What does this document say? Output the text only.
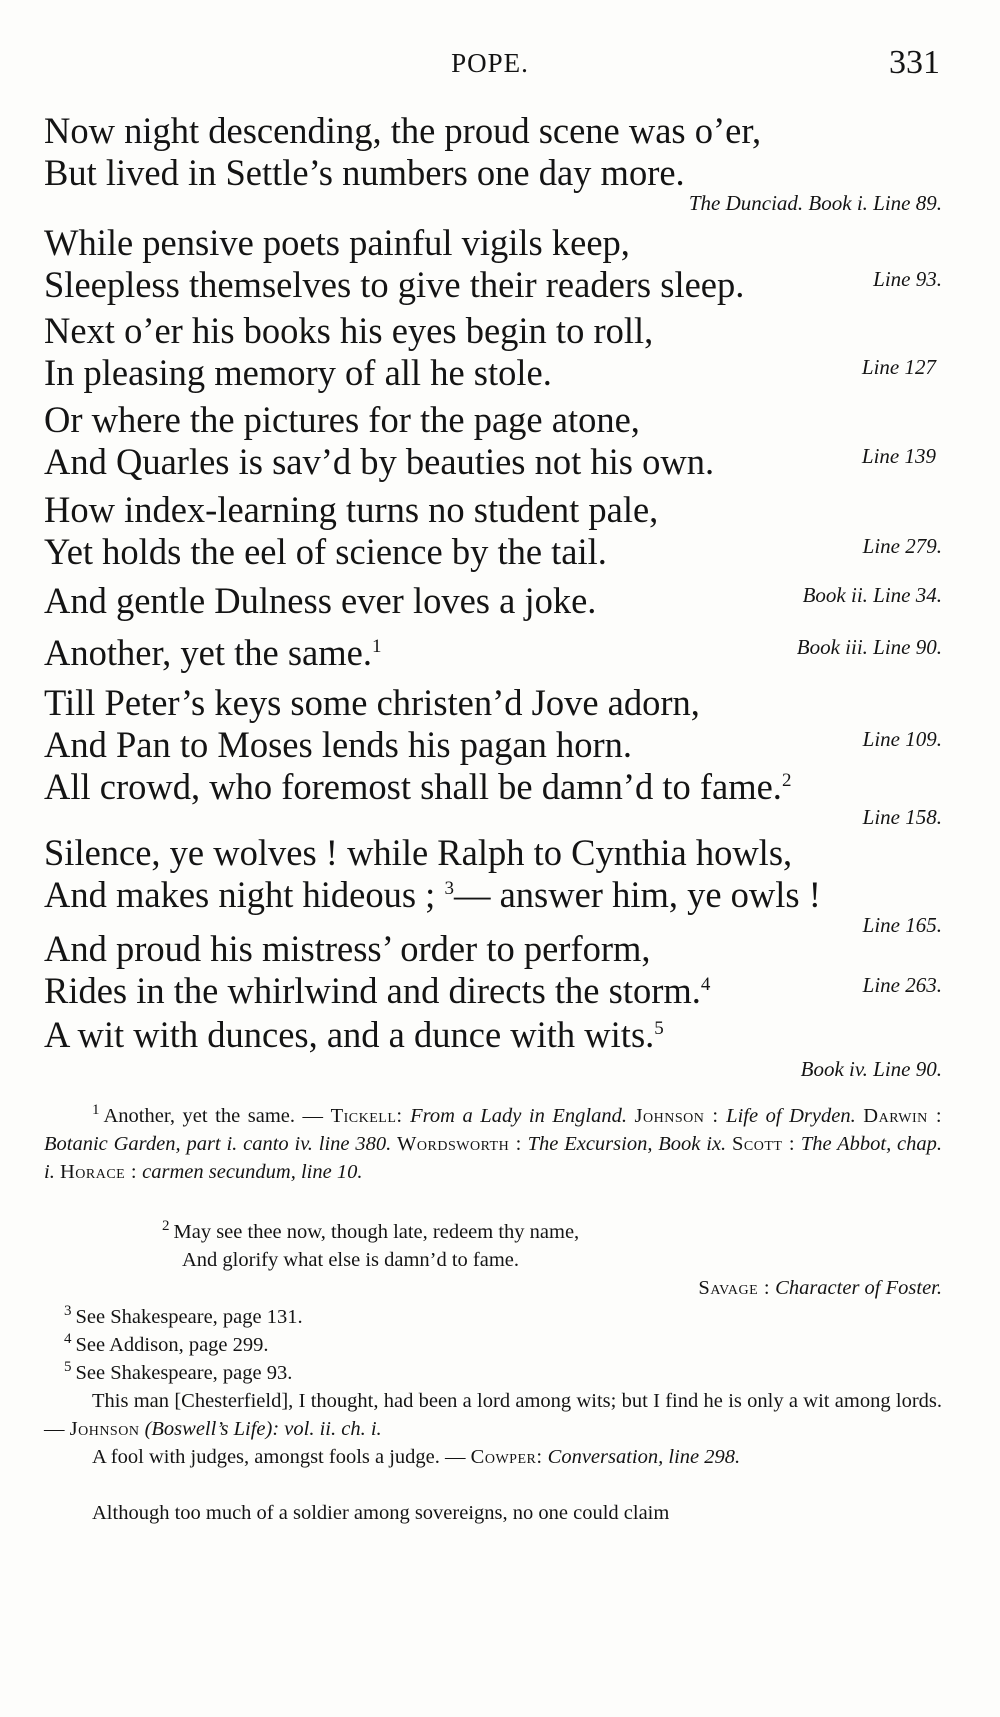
POPE.	331
Now night descending, the proud scene was o’er,
But lived in Settle’s numbers one day more.
The Dunciad. Book i. Line 89.
While pensive poets painful vigils keep,
Sleepless themselves to give their readers sleep.	Line 93.
Next o’er his books his eyes begin to roll,
In pleasing memory of all he stole.	Line 127
Or where the pictures for the page atone,
And Quarles is sav’d by beauties not his own.	Line 139
How index-learning turns no student pale,
Yet holds the eel of science by the tail.	Line 279.
And gentle Dulness ever loves a joke.	Book ii. Line 34.
Another, yet the same.$^1$	Book iii. Line 90.
Till Peter’s keys some christen’d Jove adorn,
And Pan to Moses lends his pagan horn.	Line 109.
All crowd, who foremost shall be damn’d to fame.$^2$
Line 158.
Silence, ye wolves ! while Ralph to Cynthia howls,
And makes night hideous ; $^3$— answer him, ye owls !
Line 165.
And proud his mistress’ order to perform,
Rides in the whirlwind and directs the storm.$^4$	Line 263.
A wit with dunces, and a dunce with wits.$^5$
Book iv. Line 90.
$^1$ Another, yet the same. — Tickell: From a Lady in England. Johnson : Life of Dryden. Darwin : Botanic Garden, part i. canto iv. line 380. Wordsworth : The Excursion, Book ix. Scott : The Abbot, chap. i. Horace : carmen secundum, line 10.
$^2$ May see thee now, though late, redeem thy name,
And glorify what else is damn’d to fame.
Savage : Character of Foster.
$^3$ See Shakespeare, page 131.
$^4$ See Addison, page 299.
$^5$ See Shakespeare, page 93.
This man [Chesterfield], I thought, had been a lord among wits; but I find he is only a wit among lords. — Johnson (Boswell’s Life): vol. ii. ch. i.
A fool with judges, amongst fools a judge. — Cowper: Conversation, line 298.
Although too much of a soldier among sovereigns, no one could claim
